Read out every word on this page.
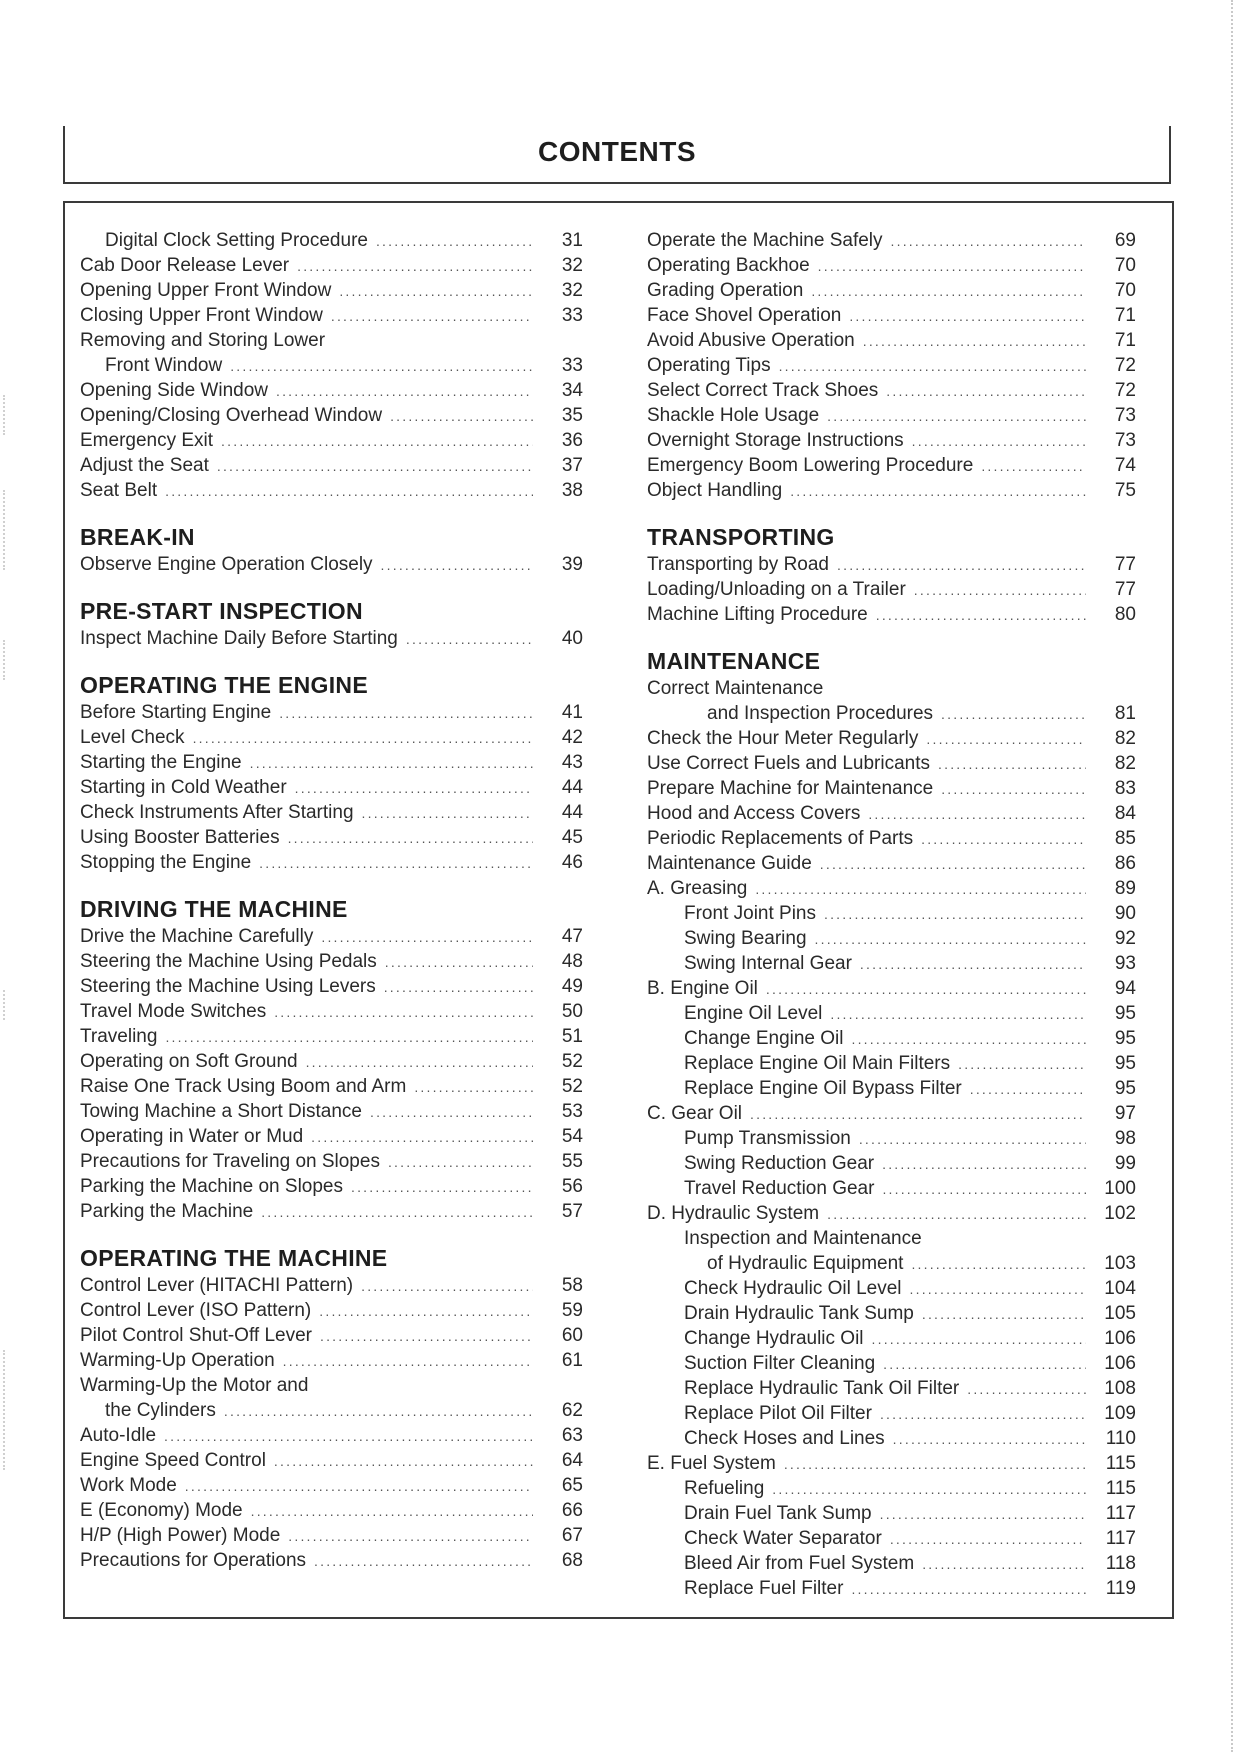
CONTENTS
Digital Clock Setting Procedure .....	31
Cab Door Release Lever .....	32
Opening Upper Front Window .....	32
Closing Upper Front Window .....	33
Removing and Storing Lower
Front Window .....	33
Opening Side Window .....	34
Opening/Closing Overhead Window .....	35
Emergency Exit .....	36
Adjust the Seat .....	37
Seat Belt .....	38
BREAK-IN
Observe Engine Operation Closely .....	39
PRE-START INSPECTION
Inspect Machine Daily Before Starting .....	40
OPERATING THE ENGINE
Before Starting Engine .....	41
Level Check .....	42
Starting the Engine .....	43
Starting in Cold Weather .....	44
Check Instruments After Starting .....	44
Using Booster Batteries .....	45
Stopping the Engine .....	46
DRIVING THE MACHINE
Drive the Machine Carefully .....	47
Steering the Machine Using Pedals .....	48
Steering the Machine Using Levers .....	49
Travel Mode Switches .....	50
Traveling .....	51
Operating on Soft Ground .....	52
Raise One Track Using Boom and Arm .....	52
Towing Machine a Short Distance .....	53
Operating in Water or Mud .....	54
Precautions for Traveling on Slopes .....	55
Parking the Machine on Slopes .....	56
Parking the Machine .....	57
OPERATING THE MACHINE
Control Lever (HITACHI Pattern) .....	58
Control Lever (ISO Pattern) .....	59
Pilot Control Shut-Off Lever .....	60
Warming-Up Operation .....	61
Warming-Up the Motor and
the Cylinders .....	62
Auto-Idle .....	63
Engine Speed Control .....	64
Work Mode .....	65
E (Economy) Mode .....	66
H/P (High Power) Mode .....	67
Precautions for Operations .....	68
Operate the Machine Safely .....	69
Operating Backhoe .....	70
Grading Operation .....	70
Face Shovel Operation .....	71
Avoid Abusive Operation .....	71
Operating Tips .....	72
Select Correct Track Shoes .....	72
Shackle Hole Usage .....	73
Overnight Storage Instructions .....	73
Emergency Boom Lowering Procedure .....	74
Object Handling .....	75
TRANSPORTING
Transporting by Road .....	77
Loading/Unloading on a Trailer .....	77
Machine Lifting Procedure .....	80
MAINTENANCE
Correct Maintenance
and Inspection Procedures .....	81
Check the Hour Meter Regularly .....	82
Use Correct Fuels and Lubricants .....	82
Prepare Machine for Maintenance .....	83
Hood and Access Covers .....	84
Periodic Replacements of Parts .....	85
Maintenance Guide .....	86
A. Greasing .....	89
Front Joint Pins .....	90
Swing Bearing .....	92
Swing Internal Gear .....	93
B. Engine Oil .....	94
Engine Oil Level .....	95
Change Engine Oil .....	95
Replace Engine Oil Main Filters .....	95
Replace Engine Oil Bypass Filter .....	95
C. Gear Oil .....	97
Pump Transmission .....	98
Swing Reduction Gear .....	99
Travel Reduction Gear .....	100
D. Hydraulic System .....	102
Inspection and Maintenance
of Hydraulic Equipment .....	103
Check Hydraulic Oil Level .....	104
Drain Hydraulic Tank Sump .....	105
Change Hydraulic Oil .....	106
Suction Filter Cleaning .....	106
Replace Hydraulic Tank Oil Filter .....	108
Replace Pilot Oil Filter .....	109
Check Hoses and Lines .....	110
E. Fuel System .....	115
Refueling .....	115
Drain Fuel Tank Sump .....	117
Check Water Separator .....	117
Bleed Air from Fuel System .....	118
Replace Fuel Filter .....	119
